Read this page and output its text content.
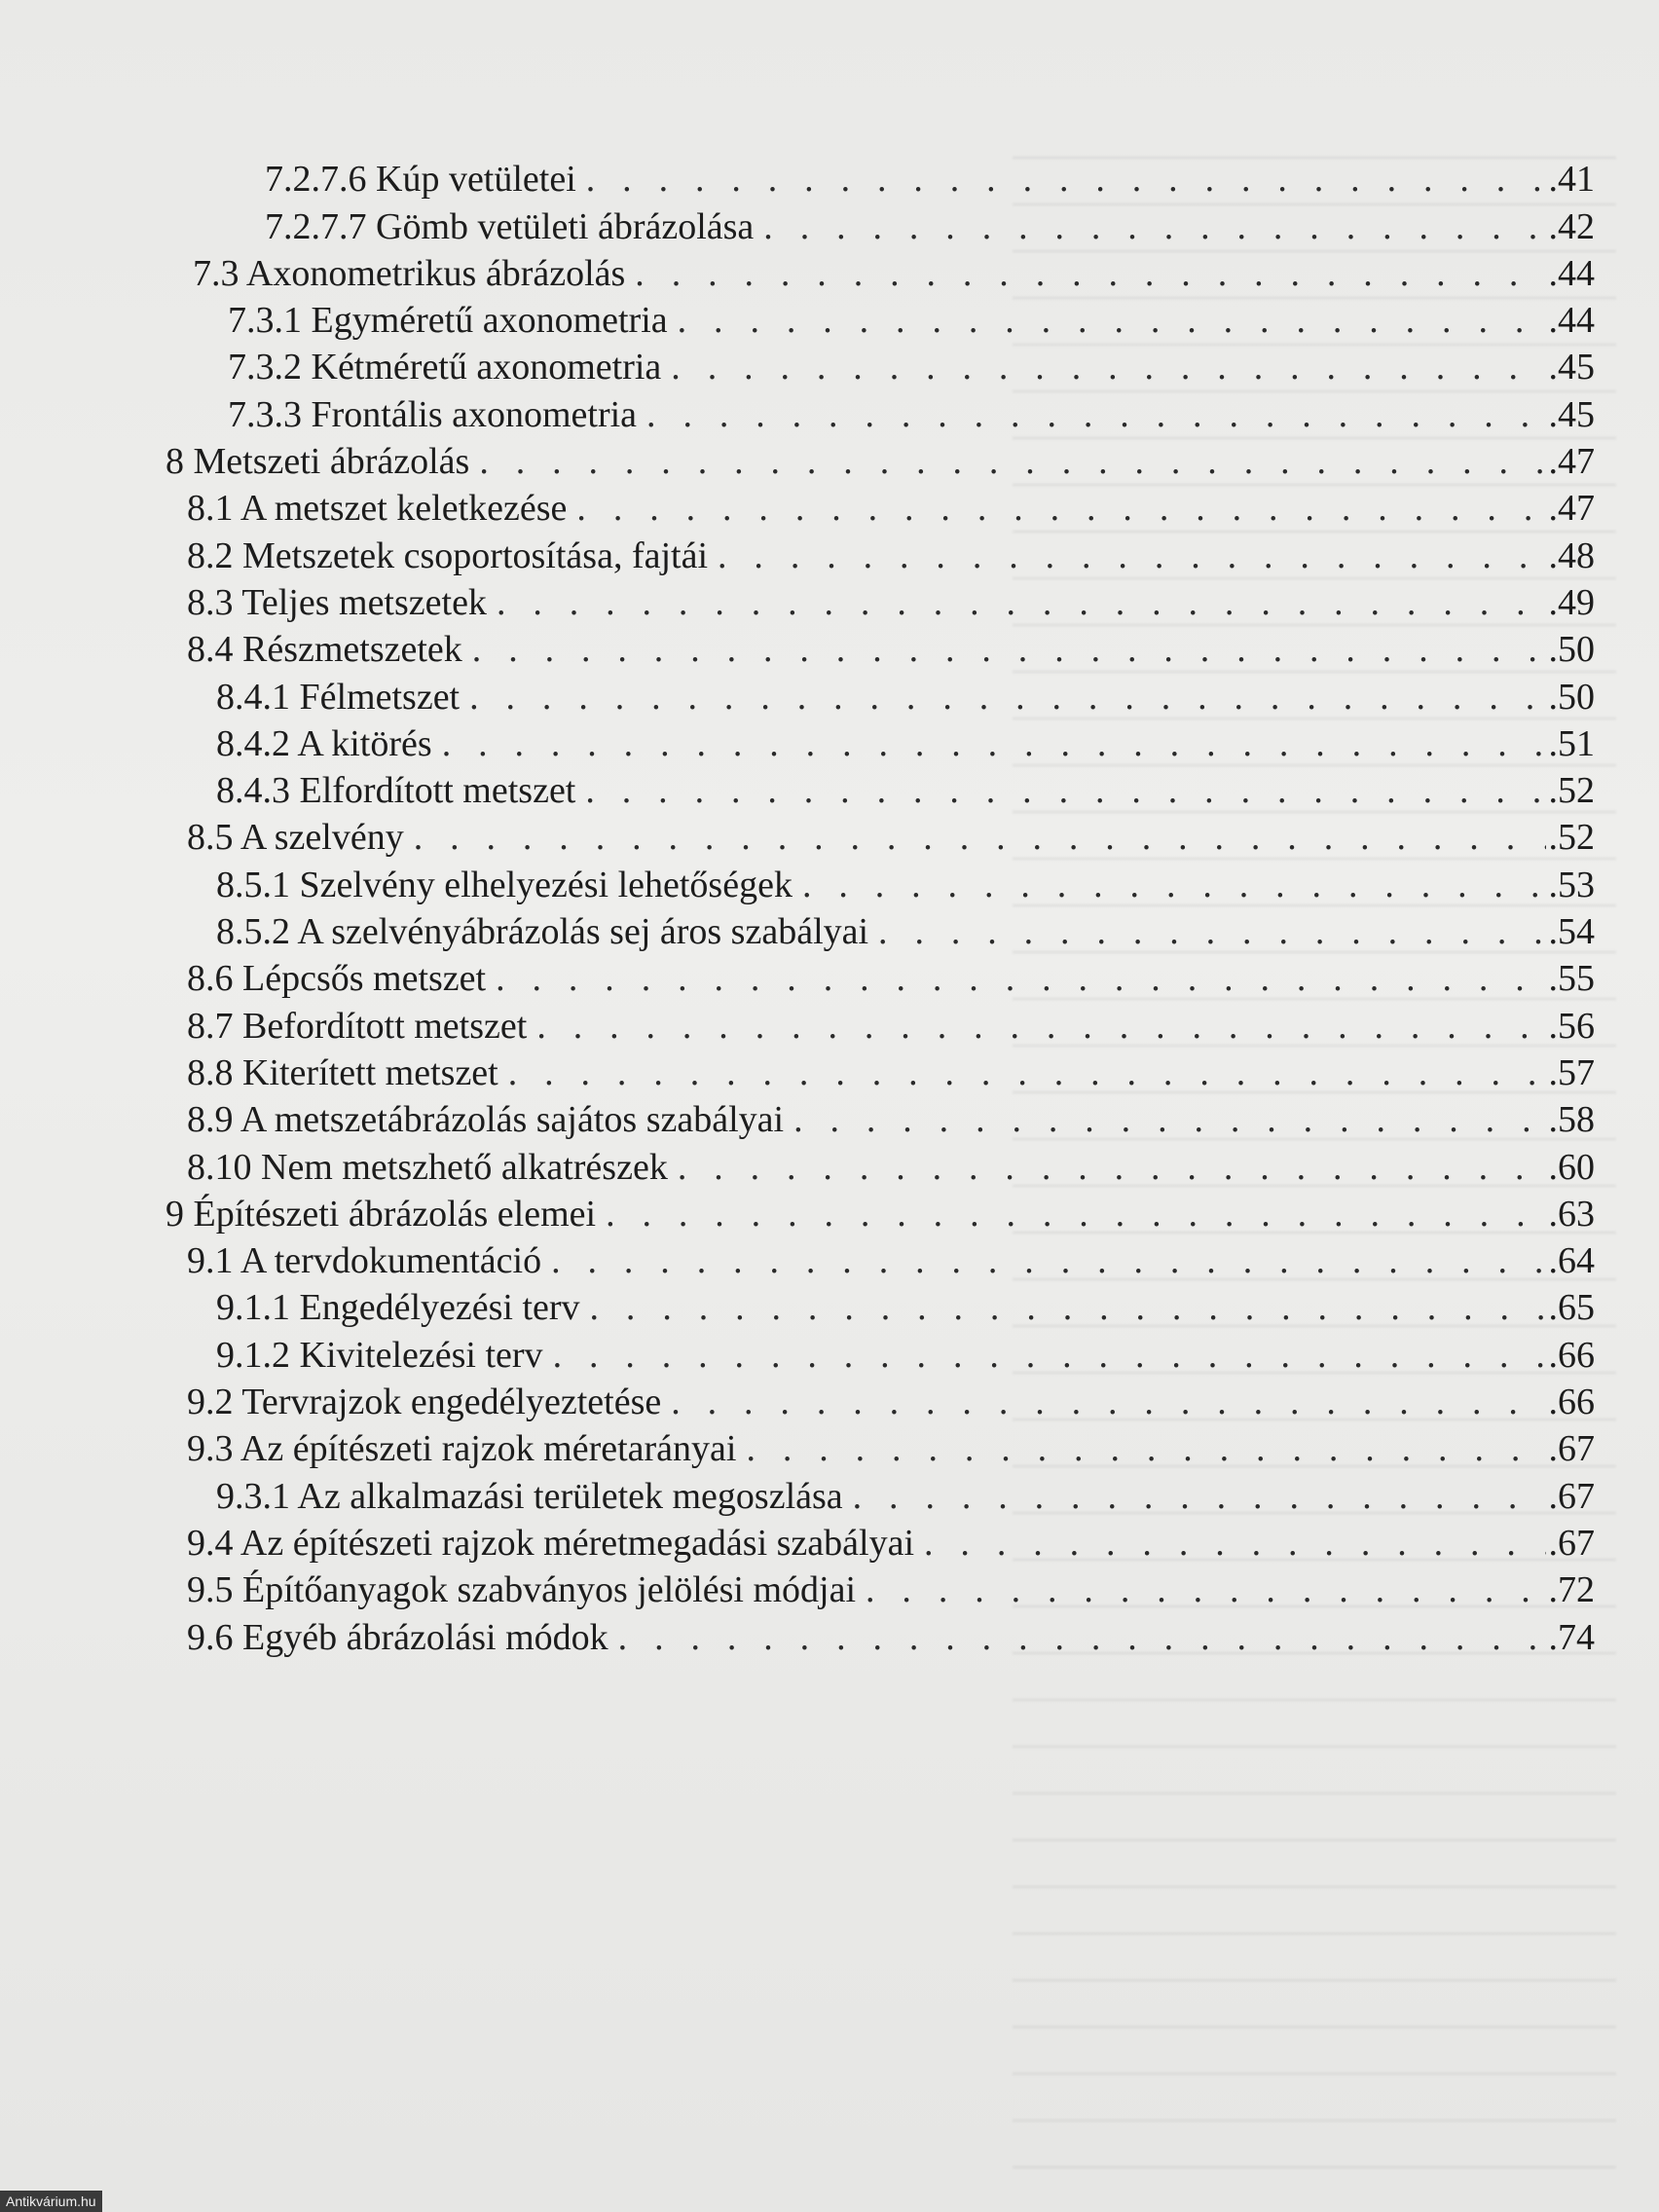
7.2.7.6 Kúp vetületei . . .	.41
7.2.7.7 Gömb vetületi ábrázolása . . .	.42
7.3 Axonometrikus ábrázolás . . .	.44
7.3.1 Egyméretű axonometria . . .	.44
7.3.2 Kétméretű axonometria . . .	.45
7.3.3 Frontális axonometria . . .	.45
8 Metszeti ábrázolás . . .	.47
8.1 A metszet keletkezése . . .	.47
8.2 Metszetek csoportosítása, fajtái . . .	.48
8.3 Teljes metszetek . . .	.49
8.4 Részmetszetek . . .	.50
8.4.1 Félmetszet . . .	.50
8.4.2 A kitörés . . .	.51
8.4.3 Elfordított metszet . . .	.52
8.5 A szelvény . . .	.52
8.5.1 Szelvény elhelyezési lehetőségek . . .	.53
8.5.2 A szelvényábrázolás sej áros szabályai . . .	.54
8.6 Lépcsős metszet . . .	.55
8.7 Befordított metszet . . .	.56
8.8 Kiterített metszet . . .	.57
8.9 A metszetábrázolás sajátos szabályai . . .	.58
8.10 Nem metszhető alkatrészek . . .	.60
9 Építészeti ábrázolás elemei . . .	.63
9.1 A tervdokumentáció . . .	.64
9.1.1 Engedélyezési terv . . .	.65
9.1.2 Kivitelezési terv . . .	.66
9.2 Tervrajzok engedélyeztetése . . .	.66
9.3 Az építészeti rajzok méretarányai . . .	.67
9.3.1 Az alkalmazási területek megoszlása . . .	.67
9.4 Az építészeti rajzok méretmegadási szabályai . . .	.67
9.5 Építőanyagok szabványos jelölési módjai . . .	.72
9.6 Egyéb ábrázolási módok . . .	.74
Antikvárium.hu
